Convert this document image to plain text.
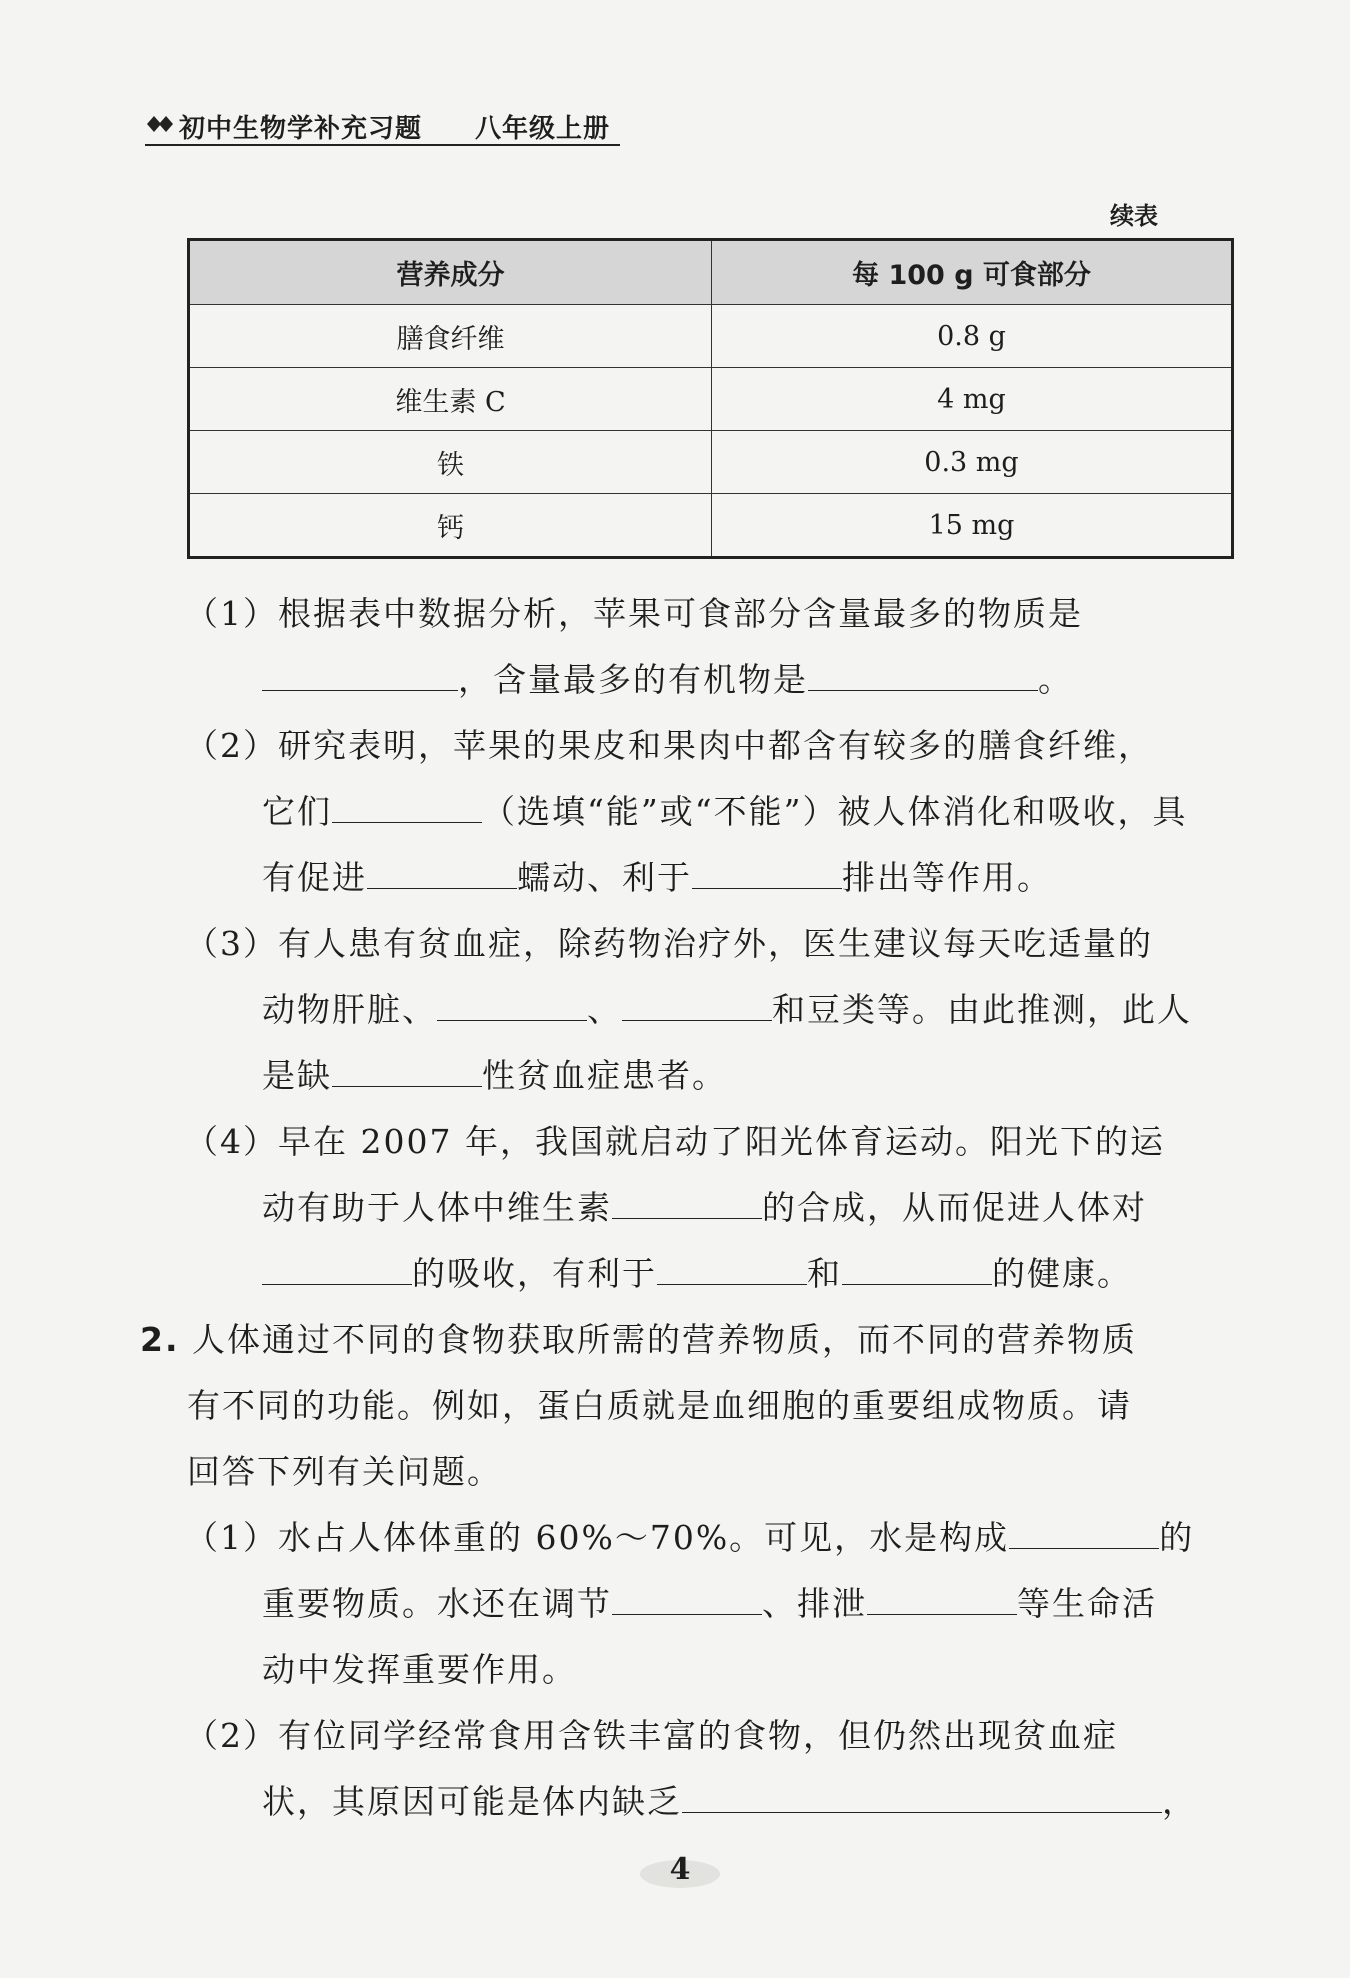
初中生物学补充习题 八年级上册
续表
营养成分	每 100 g 可食部分
膳食纤维	0.8 g
维生素 C	4 mg
铁	0.3 mg
钙	15 mg
（1）根据表中数据分析，苹果可食部分含量最多的物质是
，含量最多的有机物是	。
（2）研究表明，苹果的果皮和果肉中都含有较多的膳食纤维，
它们	（选填“能”或“不能”）被人体消化和吸收，具
有促进	蠕动、利于	排出等作用。
（3）有人患有贫血症，除药物治疗外，医生建议每天吃适量的
动物肝脏、	、	和豆类等。由此推测，此人
是缺	性贫血症患者。
（4）早在 2007 年，我国就启动了阳光体育运动。阳光下的运
动有助于人体中维生素	的合成，从而促进人体对
的吸收，有利于	和	的健康。
2. 人体通过不同的食物获取所需的营养物质，而不同的营养物质
有不同的功能。例如，蛋白质就是血细胞的重要组成物质。请
回答下列有关问题。
（1）水占人体体重的 60%～70%。可见，水是构成	的
重要物质。水还在调节	、排泄	等生命活
动中发挥重要作用。
（2）有位同学经常食用含铁丰富的食物，但仍然出现贫血症
状，其原因可能是体内缺乏	，
4
